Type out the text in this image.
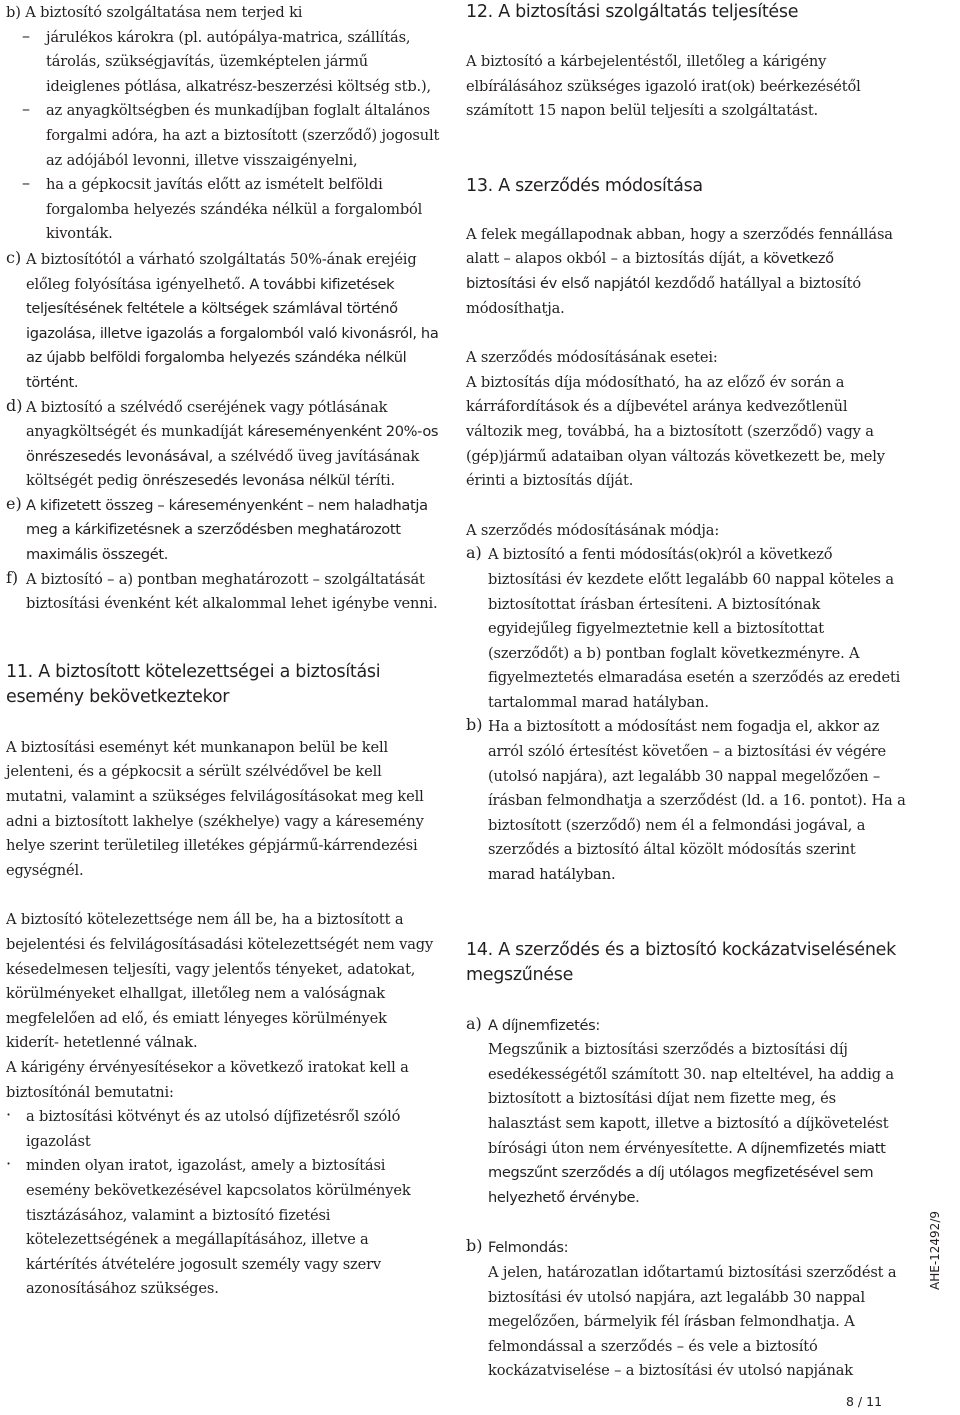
b) A biztosító szolgáltatása nem terjed ki

– járulékos károkra (pl. autópálya-matrica, szállítás, tárolás, szükségjavítás, üzemképtelen jármű ideiglenes pótlása, alkatrész-beszerzési költség stb.),

– az anyagköltségben és munkadíjban foglalt általános forgalmi adóra, ha azt a biztosított (szerződő) jogosult az adójából levonni, illetve visszaigényelni,

– ha a gépkocsit javítás előtt az ismételt belföldi forgalomba helyezés szándéka nélkül a forgalomból kivonták.

c) A biztosítótól a várható szolgáltatás 50%-ának erejéig előleg folyósítása igényelhető. A további kifizetések teljesítésének feltétele a költségek számlával történő igazolása, illetve igazolás a forgalomból való kivonásról, ha az újabb belföldi forgalomba helyezés szándéka nélkül történt.

d) A biztosító a szélvédő cseréjének vagy pótlásának anyagköltségét és munkadíját káreseményenként 20%-os önrészesedés levonásával, a szélvédő üveg javításának költségét pedig önrészesedés levonása nélkül téríti.

e) A kifizetett összeg – káreseményenként – nem haladhatja meg a kárkifizetésnek a szerződésben meghatározott maximális összegét.

f) A biztosító – a) pontban meghatározott – szolgáltatását biztosítási évenként két alkalommal lehet igénybe venni.

11. A biztosított kötelezettségei a biztosítási esemény bekövetkeztekor

A biztosítási eseményt két munkanapon belül be kell jelenteni, és a gépkocsit a sérült szélvédővel be kell mutatni, valamint a szükséges felvilágosításokat meg kell adni a biztosított lakhelye (székhelye) vagy a káresemény helye szerint területileg illetékes gépjármű-kárrendezési egységnél.

A biztosító kötelezettsége nem áll be, ha a biztosított a bejelentési és felvilágosításadási kötelezettségét nem vagy késedelmesen teljesíti, vagy jelentős tényeket, adatokat, körülményeket elhallgat, illetőleg nem a valóságnak megfelelően ad elő, és emiatt lényeges körülmények kiderít- hetetlenné válnak.

A kárigény érvényesítésekor a következő iratokat kell a biztosítónál bemutatni:

· a biztosítási kötvényt és az utolsó díjfizetésről szóló igazolást

· minden olyan iratot, igazolást, amely a biztosítási esemény bekövetkezésével kapcsolatos körülmények tisztázásához, valamint a biztosító fizetési kötelezettségének a megállapításához, illetve a kártérítés átvételére jogosult személy vagy szerv azonosításához szükséges.

12. A biztosítási szolgáltatás teljesítése

A biztosító a kárbejelentéstől, illetőleg a kárigény elbírálásához szükséges igazoló irat(ok) beérkezésétől számított 15 napon belül teljesíti a szolgáltatást.

13. A szerződés módosítása

A felek megállapodnak abban, hogy a szerződés fennállása alatt – alapos okból – a biztosítás díját, a következő biztosítási év első napjától kezdődő hatállyal a biztosító módosíthatja.

A szerződés módosításának esetei:

A biztosítás díja módosítható, ha az előző év során a kárráfordítások és a díjbevétel aránya kedvezőtlenül változik meg, továbbá, ha a biztosított (szerződő) vagy a (gép)jármű adataiban olyan változás következett be, mely érinti a biztosítás díját.

A szerződés módosításának módja:

a) A biztosító a fenti módosítás(ok)ról a következő biztosítási év kezdete előtt legalább 60 nappal köteles a biztosítottat írásban értesíteni. A biztosítónak egyidejűleg figyelmeztetnie kell a biztosítottat (szerződőt) a b) pontban foglalt következményre. A figyelmeztetés elmaradása esetén a szerződés az eredeti tartalommal marad hatályban.

b) Ha a biztosított a módosítást nem fogadja el, akkor az arról szóló értesítést követően – a biztosítási év végére (utolsó napjára), azt legalább 30 nappal megelőzően – írásban felmondhatja a szerződést (ld. a 16. pontot). Ha a biztosított (szerződő) nem él a felmondási jogával, a szerződés a biztosító által közölt módosítás szerint marad hatályban.

14. A szerződés és a biztosító kockázatviselésének megszűnése
a) A díjnemfizetés:

Megszűnik a biztosítási szerződés a biztosítási díj esedékességétől számított 30. nap elteltével, ha addig a biztosított a biztosítási díjat nem fizette meg, és halasztást sem kapott, illetve a biztosító a díjkövetelést bírósági úton nem érvényesítette. A díjnemfizetés miatt megszűnt szerződés a díj utólagos megfizetésével sem helyezhető érvénybe.

b) Felmondás:

A jelen, határozatlan időtartamú biztosítási szerződést a biztosítási év utolsó napjára, azt legalább 30 nappal megelőzően, bármelyik fél írásban felmondhatja. A felmondással a szerződés – és vele a biztosító kockázatviselése – a biztosítási év utolsó napjának

AHE-12492/9
8 / 11
